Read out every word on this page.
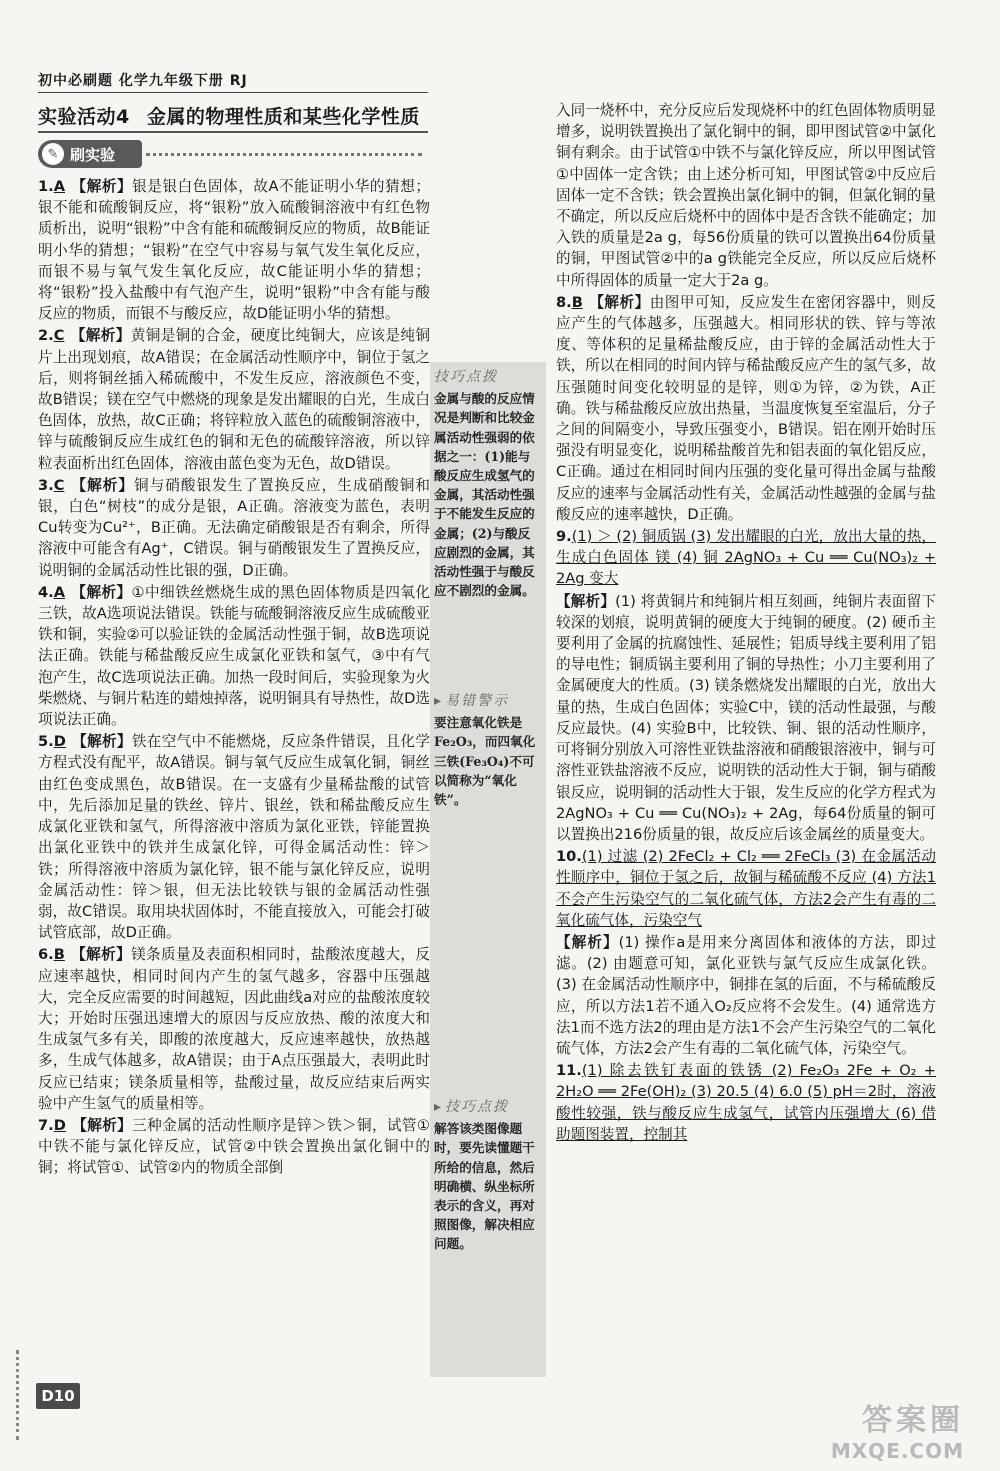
初中必刷题 化学九年级下册 RJ
实验活动4 金属的物理性质和某些化学性质
✎ 刷实验

1.A 【解析】银是银白色固体，故A不能证明小华的猜想；银不能和硫酸铜反应，将“银粉”放入硫酸铜溶液中有红色物质析出，说明“银粉”中含有能和硫酸铜反应的物质，故B能证明小华的猜想；“银粉”在空气中容易与氧气发生氧化反应，而银不易与氧气发生氧化反应，故C能证明小华的猜想；将“银粉”投入盐酸中有气泡产生，说明“银粉”中含有能与酸反应的物质，而银不与酸反应，故D能证明小华的猜想。

2.C 【解析】黄铜是铜的合金，硬度比纯铜大，应该是纯铜片上出现划痕，故A错误；在金属活动性顺序中，铜位于氢之后，则将铜丝插入稀硫酸中，不发生反应，溶液颜色不变，故B错误；镁在空气中燃烧的现象是发出耀眼的白光，生成白色固体，放热，故C正确；将锌粒放入蓝色的硫酸铜溶液中，锌与硫酸铜反应生成红色的铜和无色的硫酸锌溶液，所以锌粒表面析出红色固体，溶液由蓝色变为无色，故D错误。

3.C 【解析】铜与硝酸银发生了置换反应，生成硝酸铜和银，白色“树枝”的成分是银，A正确。溶液变为蓝色，表明Cu转变为Cu²⁺，B正确。无法确定硝酸银是否有剩余，所得溶液中可能含有Ag⁺，C错误。铜与硝酸银发生了置换反应，说明铜的金属活动性比银的强，D正确。

4.A 【解析】①中细铁丝燃烧生成的黑色固体物质是四氧化三铁，故A选项说法错误。铁能与硫酸铜溶液反应生成硫酸亚铁和铜，实验②可以验证铁的金属活动性强于铜，故B选项说法正确。铁能与稀盐酸反应生成氯化亚铁和氢气，③中有气泡产生，故C选项说法正确。加热一段时间后，实验现象为火柴燃烧、与铜片粘连的蜡烛掉落，说明铜具有导热性，故D选项说法正确。

5.D 【解析】铁在空气中不能燃烧，反应条件错误，且化学方程式没有配平，故A错误。铜与氧气反应生成氧化铜，铜丝由红色变成黑色，故B错误。在一支盛有少量稀盐酸的试管中，先后添加足量的铁丝、锌片、银丝，铁和稀盐酸反应生成氯化亚铁和氢气，所得溶液中溶质为氯化亚铁，锌能置换出氯化亚铁中的铁并生成氯化锌，可得金属活动性：锌＞铁；所得溶液中溶质为氯化锌，银不能与氯化锌反应，说明金属活动性：锌＞银，但无法比较铁与银的金属活动性强弱，故C错误。取用块状固体时，不能直接放入，可能会打破试管底部，故D正确。

6.B 【解析】镁条质量及表面积相同时，盐酸浓度越大，反应速率越快，相同时间内产生的氢气越多，容器中压强越大，完全反应需要的时间越短，因此曲线a对应的盐酸浓度较大；开始时压强迅速增大的原因与反应放热、酸的浓度大和生成氢气多有关，即酸的浓度越大，反应速率越快，放热越多，生成气体越多，故A错误；由于A点压强最大，表明此时反应已结束；镁条质量相等，盐酸过量，故反应结束后两实验中产生氢气的质量相等。

7.D 【解析】三种金属的活动性顺序是锌＞铁＞铜，试管①中铁不能与氯化锌反应，试管②中铁会置换出氯化铜中的铜；将试管①、试管②内的物质全部倒

技巧点拨
金属与酸的反应情况是判断和比较金属活动性强弱的依据之一：(1)能与酸反应生成氢气的金属，其活动性强于不能发生反应的金属；(2)与酸反应剧烈的金属，其活动性强于与酸反应不剧烈的金属。
▸ 易错警示
要注意氧化铁是Fe₂O₃，而四氧化三铁(Fe₃O₄)不可以简称为“氧化铁”。
▸ 技巧点拨
解答该类图像题时，要先读懂题干所给的信息，然后明确横、纵坐标所表示的含义，再对照图像，解决相应问题。

入同一烧杯中，充分反应后发现烧杯中的红色固体物质明显增多，说明铁置换出了氯化铜中的铜，即甲图试管②中氯化铜有剩余。由于试管①中铁不与氯化锌反应，所以甲图试管①中固体一定含铁；由上述分析可知，甲图试管②中反应后固体一定不含铁；铁会置换出氯化铜中的铜，但氯化铜的量不确定，所以反应后烧杯中的固体中是否含铁不能确定；加入铁的质量是2a g，每56份质量的铁可以置换出64份质量的铜，甲图试管②中的a g铁能完全反应，所以反应后烧杯中所得固体的质量一定大于2a g。

8.B 【解析】由图甲可知，反应发生在密闭容器中，则反应产生的气体越多，压强越大。相同形状的铁、锌与等浓度、等体积的足量稀盐酸反应，由于锌的金属活动性大于铁，所以在相同的时间内锌与稀盐酸反应产生的氢气多，故压强随时间变化较明显的是锌，则①为锌，②为铁，A正确。铁与稀盐酸反应放出热量，当温度恢复至室温后，分子之间的间隔变小，导致压强变小，B错误。铝在刚开始时压强没有明显变化，说明稀盐酸首先和铝表面的氧化铝反应，C正确。通过在相同时间内压强的变化量可得出金属与盐酸反应的速率与金属活动性有关，金属活动性越强的金属与盐酸反应的速率越快，D正确。

9.(1) ＞ (2) 铜质锅 (3) 发出耀眼的白光，放出大量的热，生成白色固体 镁 (4) 铜 2AgNO₃ + Cu ══ Cu(NO₃)₂ + 2Ag 变大

【解析】(1) 将黄铜片和纯铜片相互刻画，纯铜片表面留下较深的划痕，说明黄铜的硬度大于纯铜的硬度。(2) 硬币主要利用了金属的抗腐蚀性、延展性；铝质导线主要利用了铝的导电性；铜质锅主要利用了铜的导热性；小刀主要利用了金属硬度大的性质。(3) 镁条燃烧发出耀眼的白光，放出大量的热，生成白色固体；实验C中，镁的活动性最强，与酸反应最快。(4) 实验B中，比较铁、铜、银的活动性顺序，可将铜分别放入可溶性亚铁盐溶液和硝酸银溶液中，铜与可溶性亚铁盐溶液不反应，说明铁的活动性大于铜，铜与硝酸银反应，说明铜的活动性大于银，发生反应的化学方程式为2AgNO₃ + Cu ══ Cu(NO₃)₂ + 2Ag，每64份质量的铜可以置换出216份质量的银，故反应后该金属丝的质量变大。

10.(1) 过滤 (2) 2FeCl₂ + Cl₂ ══ 2FeCl₃ (3) 在金属活动性顺序中，铜位于氢之后，故铜与稀硫酸不反应 (4) 方法1不会产生污染空气的二氧化硫气体，方法2会产生有毒的二氧化硫气体，污染空气

【解析】(1) 操作a是用来分离固体和液体的方法，即过滤。(2) 由题意可知，氯化亚铁与氯气反应生成氯化铁。(3) 在金属活动性顺序中，铜排在氢的后面，不与稀硫酸反应，所以方法1若不通入O₂反应将不会发生。(4) 通常选方法1而不选方法2的理由是方法1不会产生污染空气的二氧化硫气体，方法2会产生有毒的二氧化硫气体，污染空气。

11.(1) 除去铁钉表面的铁锈 (2) Fe₂O₃ 2Fe + O₂ + 2H₂O ══ 2Fe(OH)₂ (3) 20.5 (4) 6.0 (5) pH＝2时，溶液酸性较强，铁与酸反应生成氢气，试管内压强增大 (6) 借助题图装置，控制其

D10
答案圈
MXQE.COM
